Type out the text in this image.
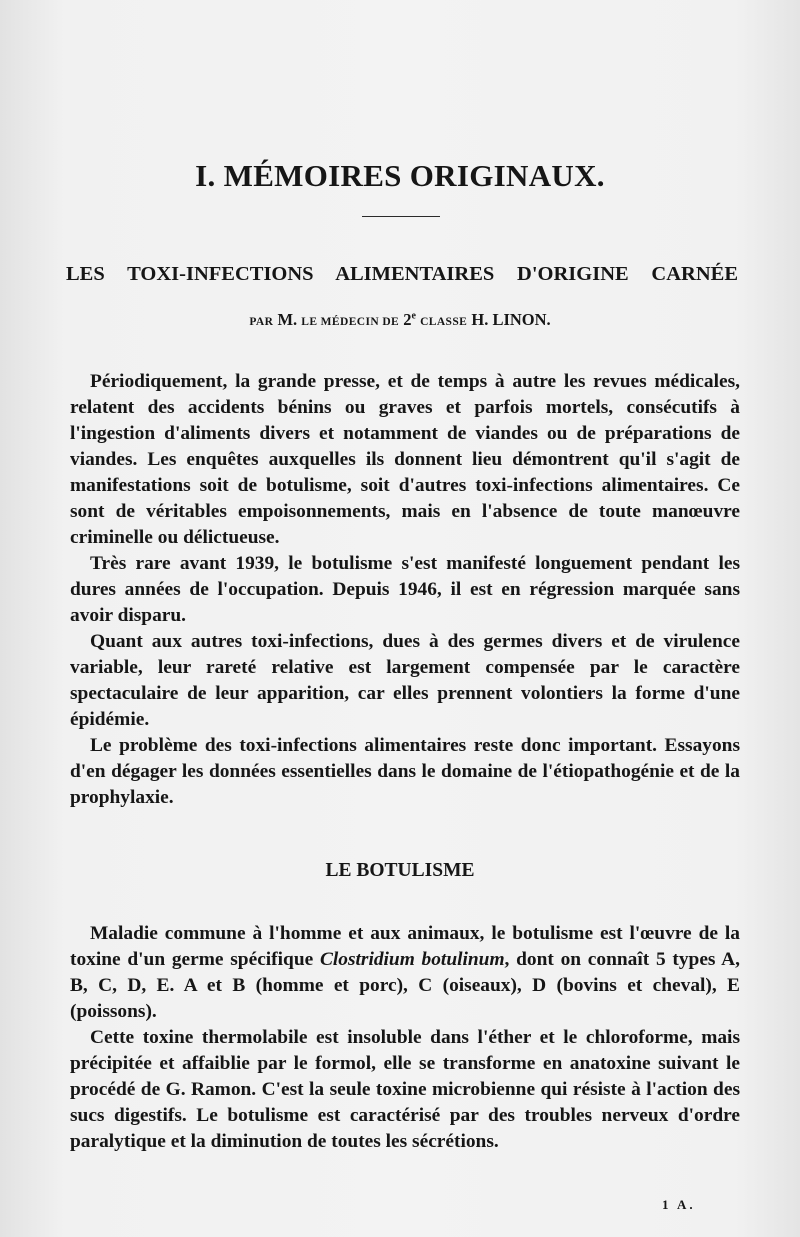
I. MÉMOIRES ORIGINAUX.
LES TOXI-INFECTIONS ALIMENTAIRES D'ORIGINE CARNÉE
PAR M. LE MÉDECIN DE 2e CLASSE H. LINON.

Périodiquement, la grande presse, et de temps à autre les revues médicales, relatent des accidents bénins ou graves et parfois mortels, consécutifs à l'ingestion d'aliments divers et notamment de viandes ou de préparations de viandes. Les enquêtes auxquelles ils donnent lieu démontrent qu'il s'agit de manifestations soit de botulisme, soit d'autres toxi-infections alimentaires. Ce sont de véritables empoisonnements, mais en l'absence de toute manœuvre criminelle ou délictueuse.

Très rare avant 1939, le botulisme s'est manifesté longuement pendant les dures années de l'occupation. Depuis 1946, il est en régression marquée sans avoir disparu.

Quant aux autres toxi-infections, dues à des germes divers et de virulence variable, leur rareté relative est largement compensée par le caractère spectaculaire de leur apparition, car elles prennent volontiers la forme d'une épidémie.

Le problème des toxi-infections alimentaires reste donc important. Essayons d'en dégager les données essentielles dans le domaine de l'étiopathogénie et de la prophylaxie.

LE BOTULISME

Maladie commune à l'homme et aux animaux, le botulisme est l'œuvre de la toxine d'un germe spécifique Clostridium botulinum, dont on connaît 5 types A, B, C, D, E. A et B (homme et porc), C (oiseaux), D (bovins et cheval), E (poissons).

Cette toxine thermolabile est insoluble dans l'éther et le chloroforme, mais précipitée et affaiblie par le formol, elle se transforme en anatoxine suivant le procédé de G. Ramon. C'est la seule toxine microbienne qui résiste à l'action des sucs digestifs. Le botulisme est caractérisé par des troubles nerveux d'ordre paralytique et la diminution de toutes les sécrétions.

1 A.
